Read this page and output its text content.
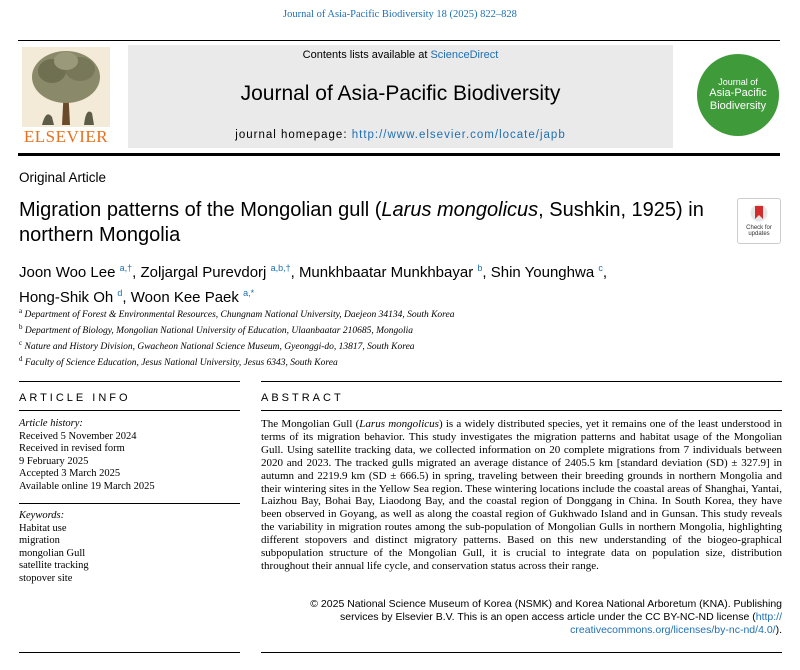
Journal of Asia-Pacific Biodiversity 18 (2025) 822–828
ELSEVIER
Contents lists available at ScienceDirect
Journal of Asia-Pacific Biodiversity
journal homepage: http://www.elsevier.com/locate/japb
Journal of
Asia-Pacific
Biodiversity
Original Article
Migration patterns of the Mongolian gull (Larus mongolicus, Sushkin, 1925) in northern Mongolia	Check for
updates
Joon Woo Lee $^{a,\dagger}$, Zoljargal Purevdorj $^{a,b,\dagger}$, Munkhbaatar Munkhbayar $^b$, Shin Younghwa $^c$,
Hong-Shik Oh $^d$, Woon Kee Paek $^{a,*}$
$^a$ Department of Forest & Environmental Resources, Chungnam National University, Daejeon 34134, South Korea
$^b$ Department of Biology, Mongolian National University of Education, Ulaanbaatar 210685, Mongolia
$^c$ Nature and History Division, Gwacheon National Science Museum, Gyeonggi-do, 13817, South Korea
$^d$ Faculty of Science Education, Jesus National University, Jesus 6343, South Korea
ARTICLE INFO	ABSTRACT
Article history:
Received 5 November 2024
Received in revised form
9 February 2025
Accepted 3 March 2025
Available online 19 March 2025
Keywords:
Habitat use
migration
mongolian Gull
satellite tracking
stopover site
The Mongolian Gull (Larus mongolicus) is a widely distributed species, yet it remains one of the least understood in terms of its migration behavior. This study investigates the migration patterns and habitat usage of the Mongolian Gull. Using satellite tracking data, we collected information on 20 complete migrations from 7 individuals between 2020 and 2023. The tracked gulls migrated an average distance of 2405.5 km [standard deviation (SD) ± 327.9] in autumn and 2219.9 km (SD ± 666.5) in spring, traveling between their breeding grounds in northern Mongolia and their wintering sites in the Yellow Sea region. These wintering locations include the coastal areas of Shanghai, Yantai, Laizhou Bay, Bohai Bay, Liaodong Bay, and the coastal region of Donggang in China. In South Korea, they have been observed in Goyang, as well as along the coastal region of Gukhwado Island and in Gunsan. This study reveals the variability in migration routes among the sub-population of Mongolian Gulls in northern Mongolia, highlighting different stopovers and distinct migratory patterns. Based on this new understanding of the biogeo-graphical subpopulation structure of the Mongolian Gull, it is crucial to integrate data on population size, distribution throughout their annual life cycle, and conservation status across their range.
© 2025 National Science Museum of Korea (NSMK) and Korea National Arboretum (KNA). Publishing
services by Elsevier B.V. This is an open access article under the CC BY-NC-ND license (http://
creativecommons.org/licenses/by-nc-nd/4.0/).
